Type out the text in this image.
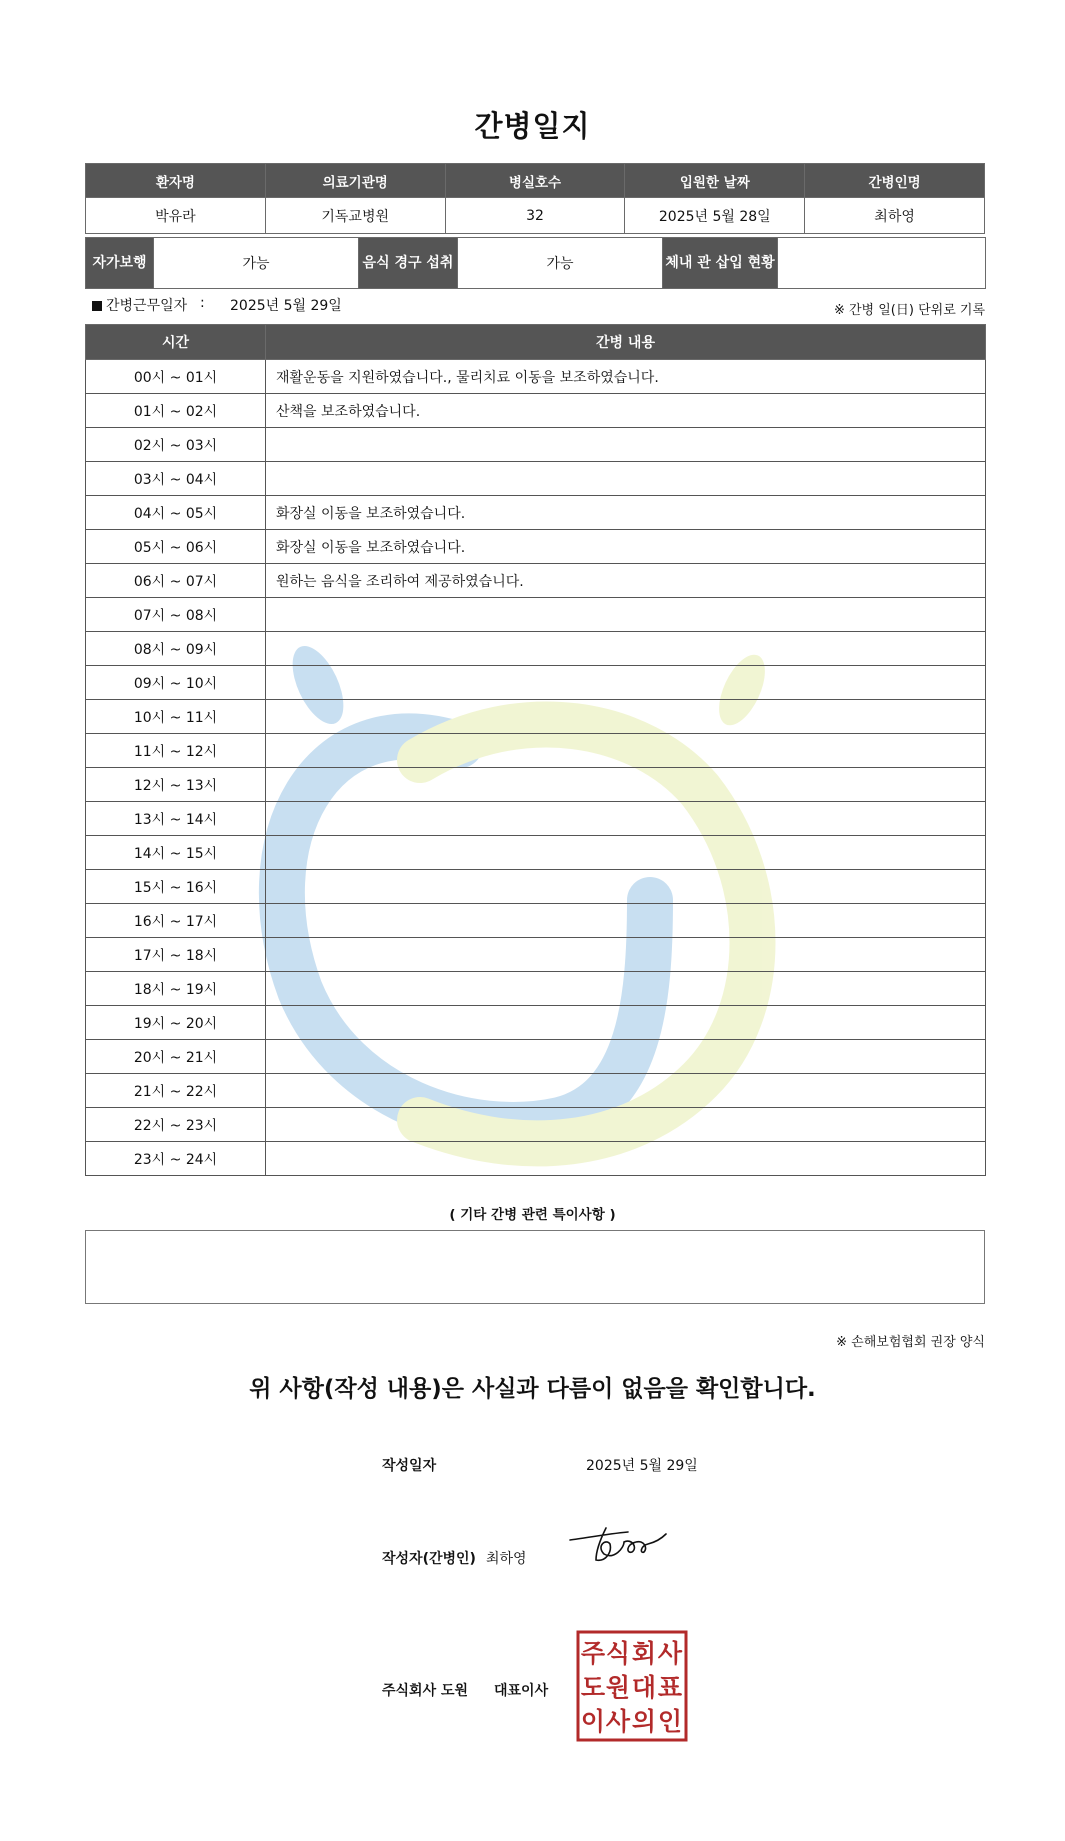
간병일지
환자명	의료기관명	병실호수	입원한 날짜	간병인명
박유라	기독교병원	32	2025년 5월 28일	최하영
자가보행	가능	음식 경구 섭취	가능	체내 관 삽입 현황	
간병근무일자 : 2025년 5월 29일	※ 간병 일(日) 단위로 기록
시간	간병 내용
00시 ~ 01시	재활운동을 지원하였습니다., 물리치료 이동을 보조하였습니다.
01시 ~ 02시	산책을 보조하였습니다.
02시 ~ 03시	
03시 ~ 04시	
04시 ~ 05시	화장실 이동을 보조하였습니다.
05시 ~ 06시	화장실 이동을 보조하였습니다.
06시 ~ 07시	원하는 음식을 조리하여 제공하였습니다.
07시 ~ 08시	
08시 ~ 09시	
09시 ~ 10시	
10시 ~ 11시	
11시 ~ 12시	
12시 ~ 13시	
13시 ~ 14시	
14시 ~ 15시	
15시 ~ 16시	
16시 ~ 17시	
17시 ~ 18시	
18시 ~ 19시	
19시 ~ 20시	
20시 ~ 21시	
21시 ~ 22시	
22시 ~ 23시	
23시 ~ 24시	
( 기타 간병 관련 특이사항 )
※ 손해보험협회 권장 양식
위 사항(작성 내용)은 사실과 다름이 없음을 확인합니다.
작성일자	2025년 5월 29일
작성자(간병인) 최하영
주식회사 도원 대표이사
주 식 회 사
도 원 대 표
이 사 의 인
